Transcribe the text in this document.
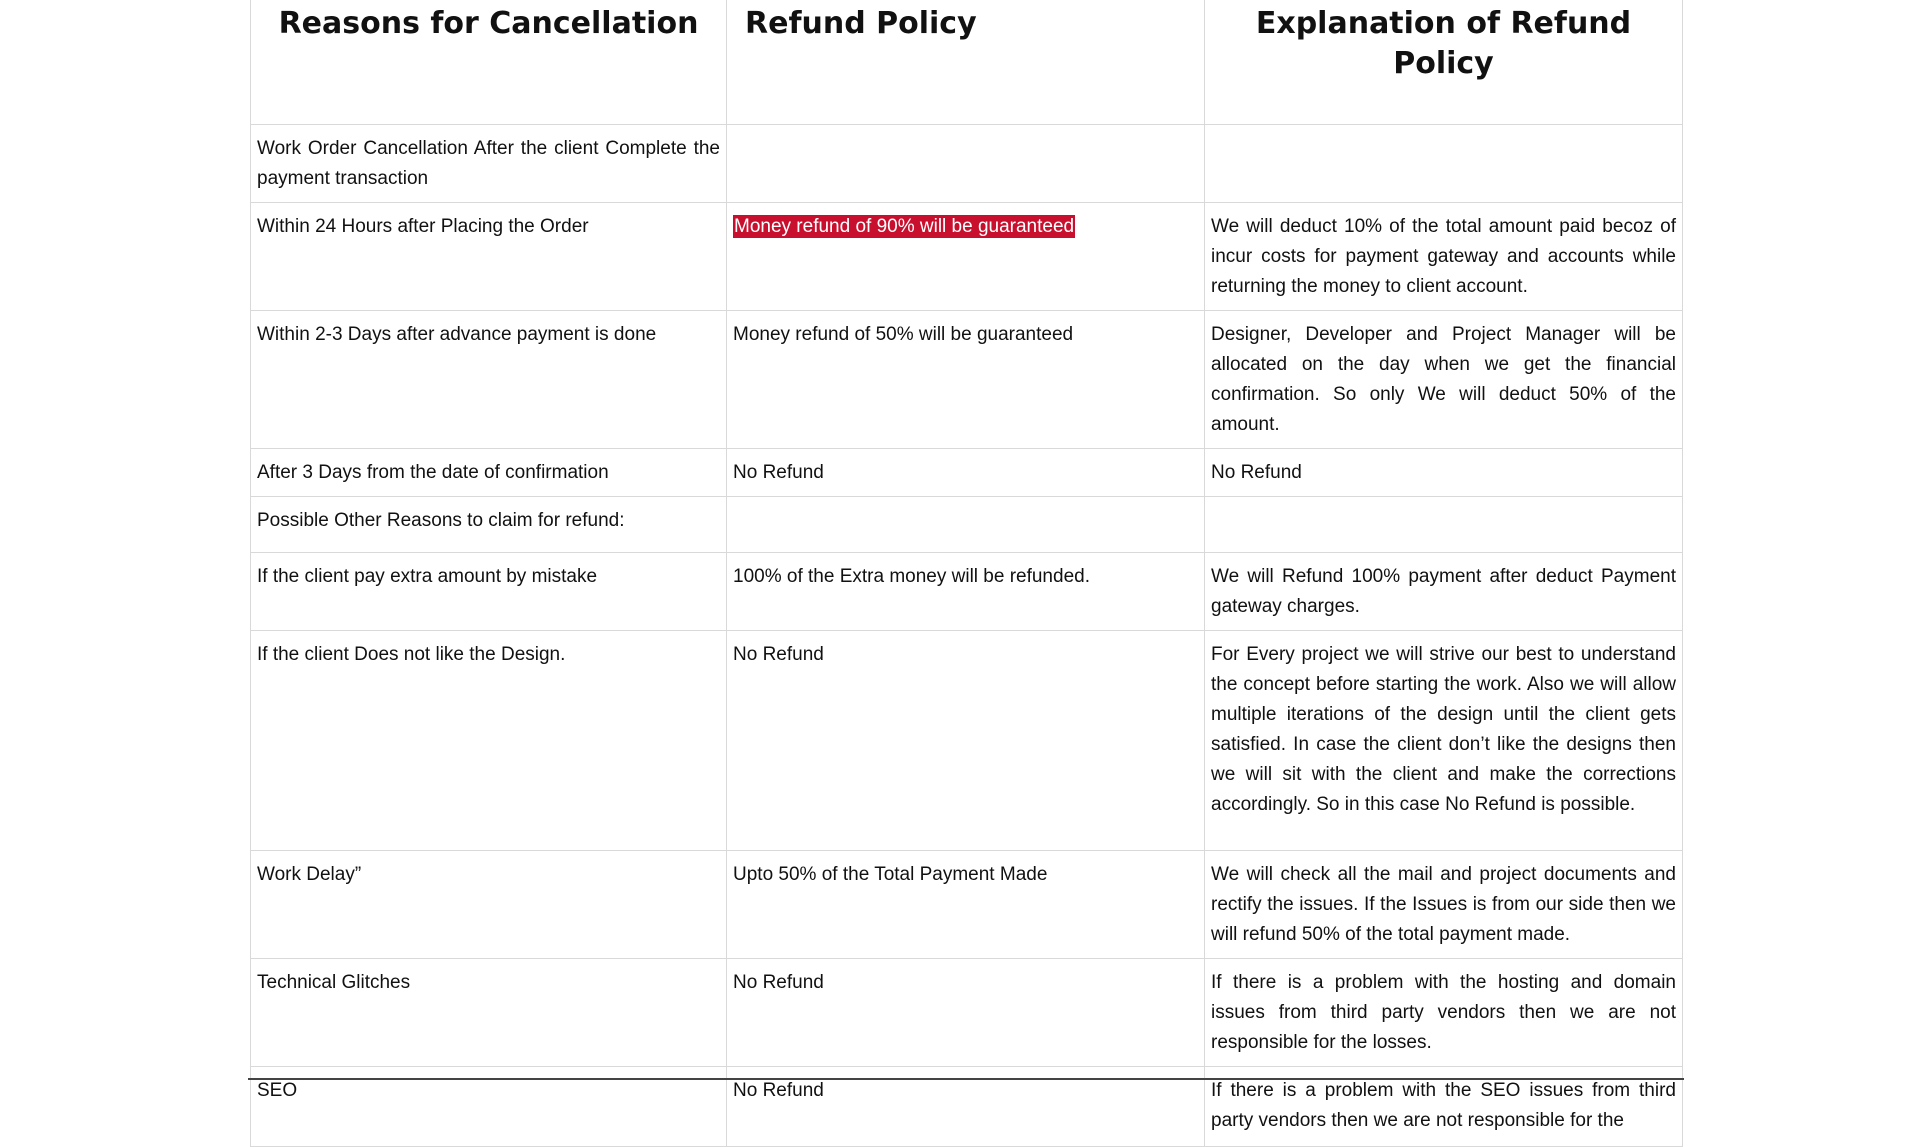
Reasons for Cancellation	Refund Policy	Explanation of Refund Policy
Work Order Cancellation After the client Complete the payment transaction		
Within 24 Hours after Placing the Order	Money refund of 90% will be guaranteed	We will deduct 10% of the total amount paid becoz of incur costs for payment gateway and accounts while returning the money to client account.
Within 2-3 Days after advance payment is done	Money refund of 50% will be guaranteed	Designer, Developer and Project Manager will be allocated on the day when we get the financial confirmation. So only We will deduct 50% of the amount.
After 3 Days from the date of confirmation	No Refund	No Refund
Possible Other Reasons to claim for refund:		
If the client pay extra amount by mistake	100% of the Extra money will be refunded.	We will Refund 100% payment after deduct Payment gateway charges.
If the client Does not like the Design.	No Refund	For Every project we will strive our best to understand the concept before starting the work. Also we will allow multiple iterations of the design until the client gets satisfied. In case the client don’t like the designs then we will sit with the client and make the corrections accordingly. So in this case No Refund is possible.
Work Delay”	Upto 50% of the Total Payment Made	We will check all the mail and project documents and rectify the issues. If the Issues is from our side then we will refund 50% of the total payment made.
Technical Glitches	No Refund	If there is a problem with the hosting and domain issues from third party vendors then we are not responsible for the losses.
SEO	No Refund	If there is a problem with the SEO issues from third party vendors then we are not responsible for the
